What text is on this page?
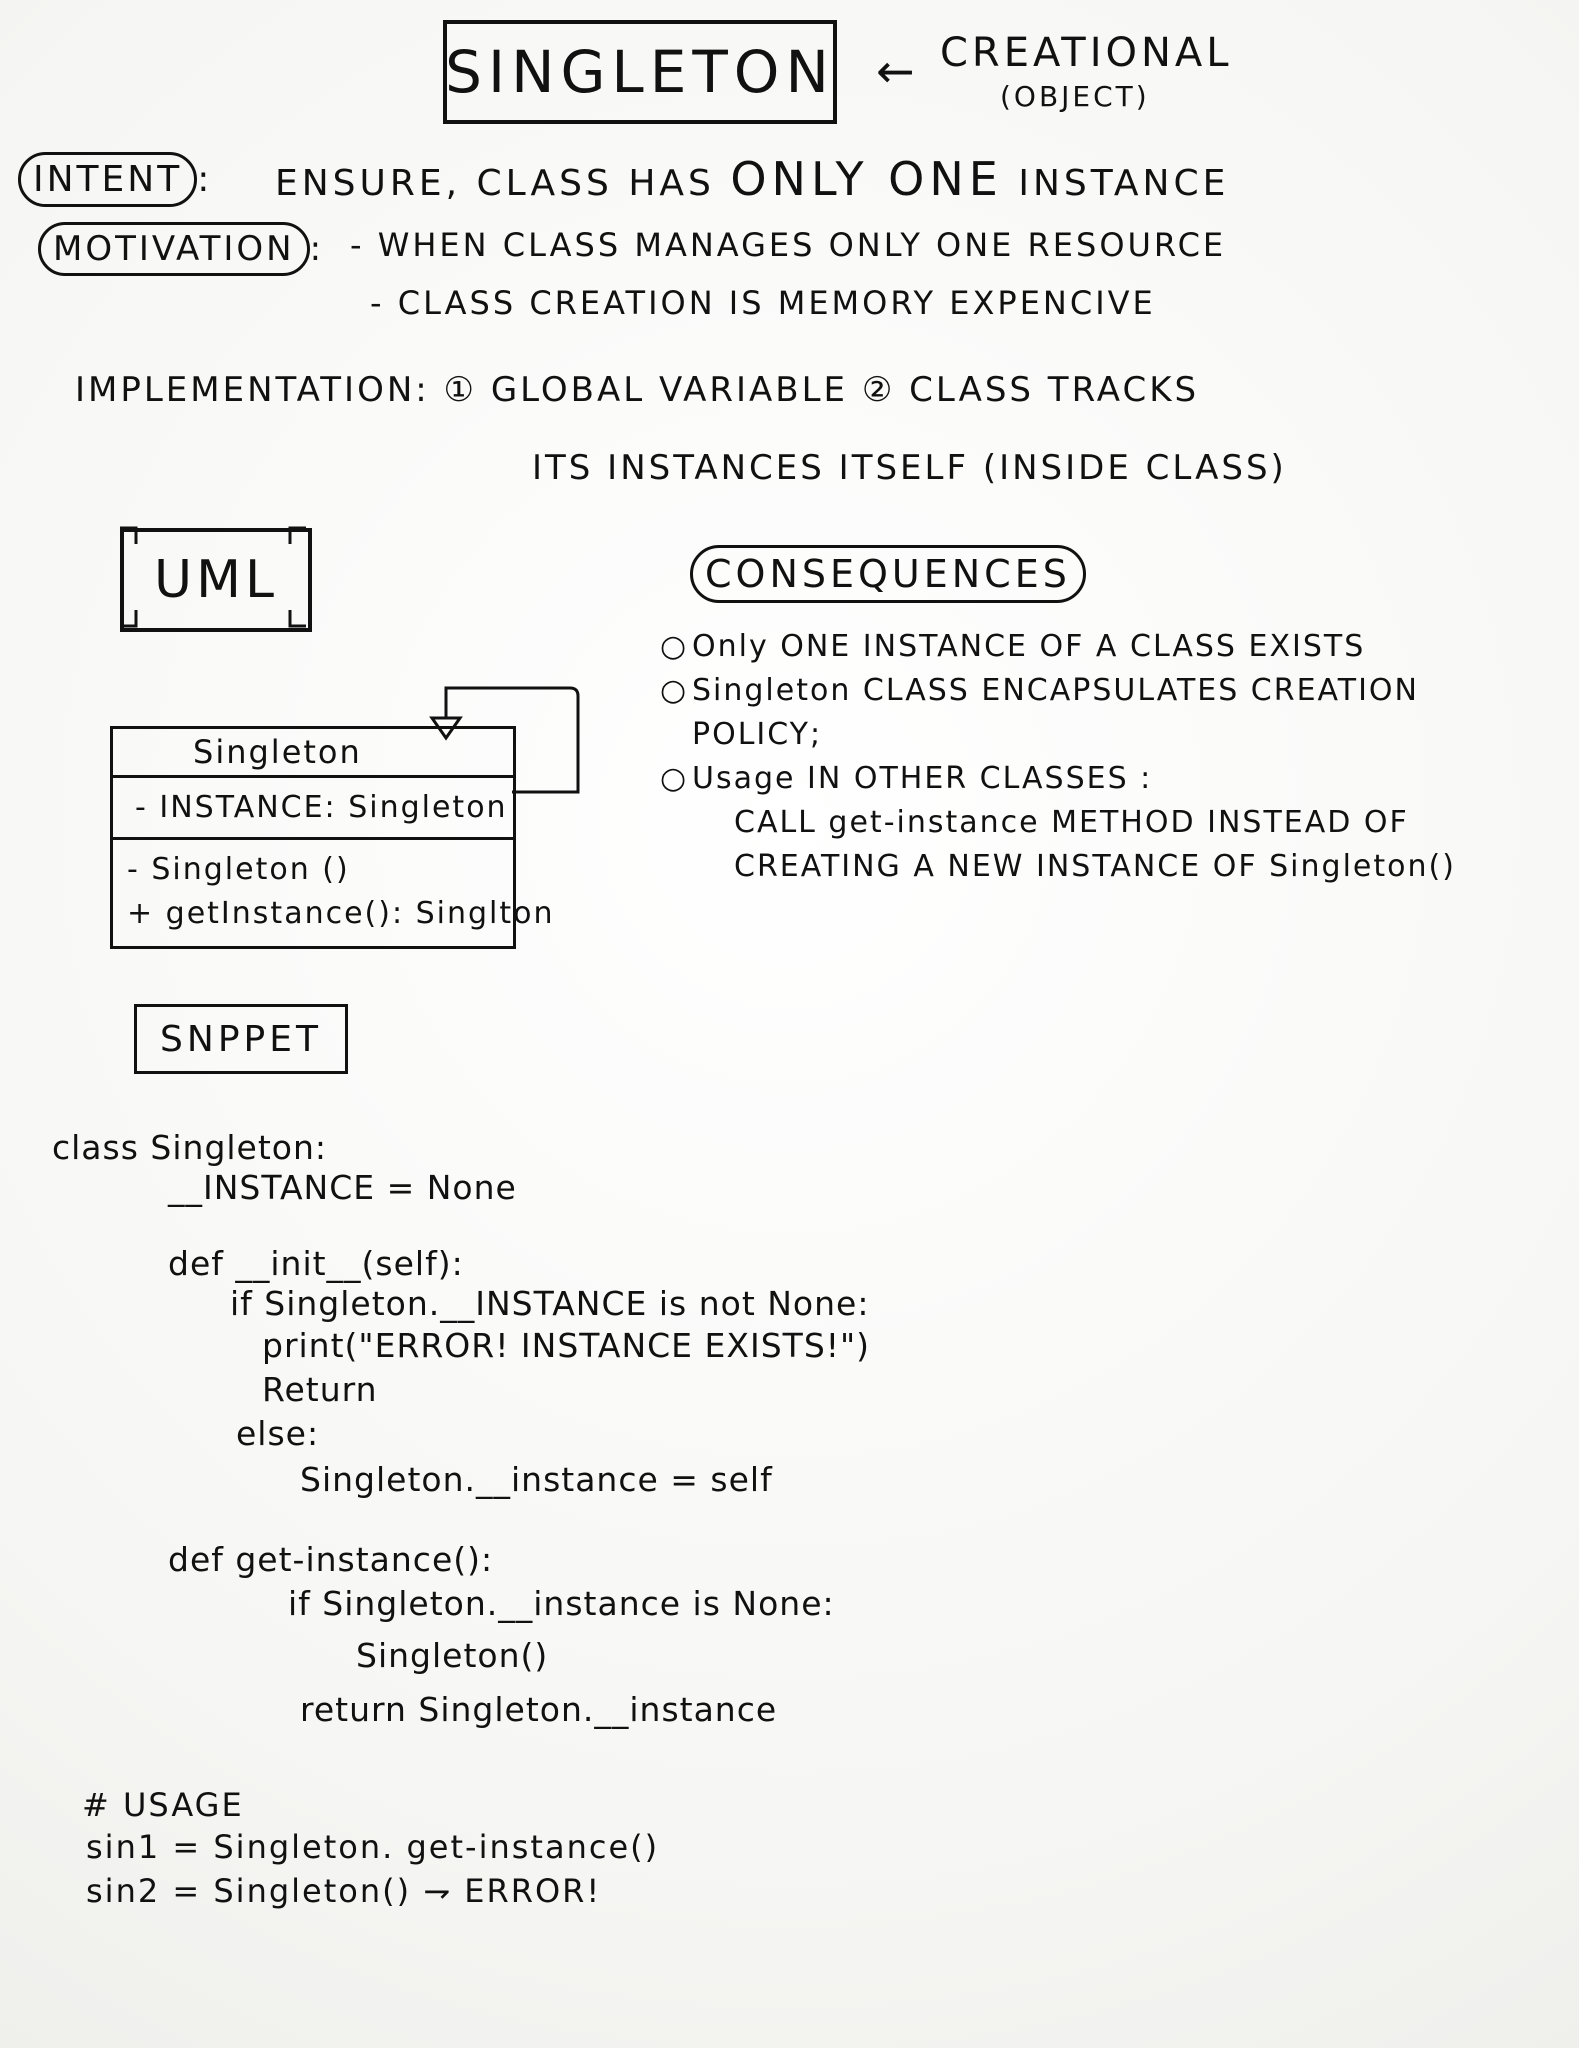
SINGLETON ← CREATIONAL
(OBJECT)
INTENT : ENSURE, CLASS HAS ONLY ONE INSTANCE
MOTIVATION : - WHEN CLASS MANAGES ONLY ONE RESOURCE
- CLASS CREATION IS MEMORY EXPENCIVE
IMPLEMENTATION: ① GLOBAL VARIABLE ② CLASS TRACKS
ITS INSTANCES ITSELF (INSIDE CLASS)
UML	CONSEQUENCES
○ Only ONE INSTANCE OF A CLASS EXISTS
○ Singleton CLASS ENCAPSULATES CREATION
POLICY;
○ Usage IN OTHER CLASSES :
CALL get-instance METHOD INSTEAD OF
CREATING A NEW INSTANCE OF Singleton()
Singleton
- INSTANCE: Singleton
- Singleton ()
+ getInstance(): Singlton
SNPPET
class Singleton:
__INSTANCE = None
def __init__(self):
if Singleton.__INSTANCE is not None:
print("ERROR! INSTANCE EXISTS!")
Return
else:
Singleton.__instance = self
def get-instance():
if Singleton.__instance is None:
Singleton()
return Singleton.__instance
# USAGE
sin1 = Singleton. get-instance()
sin2 = Singleton() ⇁ ERROR!
